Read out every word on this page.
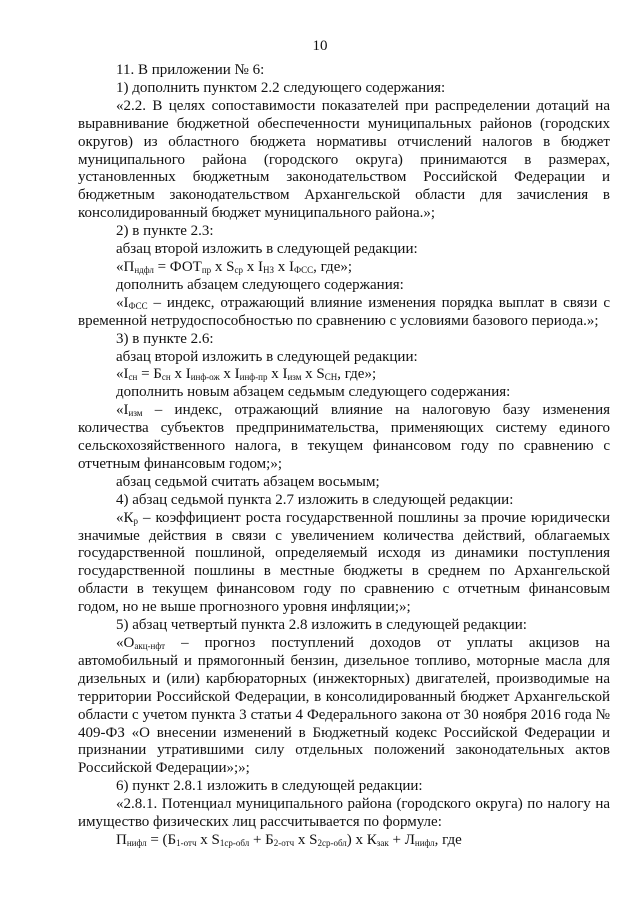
10

11. В приложении № 6:

1) дополнить пунктом 2.2 следующего содержания:

«2.2. В целях сопоставимости показателей при распределении дотаций на выравнивание бюджетной обеспеченности муниципальных районов (городских округов) из областного бюджета нормативы отчислений налогов в бюджет муниципального района (городского округа) принимаются в размерах, установленных бюджетным законодательством Российской Федерации и бюджетным законодательством Архангельской области для зачисления в консолидированный бюджет муниципального района.»;

2) в пункте 2.3:

абзац второй изложить в следующей редакции:

«$П_{ндфл} = ФОТ_{пр}$ х $S_{ср}$ х $I_{НЗ}$ х $I_{ФСС}$, где»;

дополнить абзацем следующего содержания:

«$I_{ФСС}$ – индекс, отражающий влияние изменения порядка выплат в связи с временной нетрудоспособностью по сравнению с условиями базового периода.»;

3) в пункте 2.6:

абзац второй изложить в следующей редакции:

«$I_{сн} = Б_{сн}$ х $I_{инф-ож}$ х $I_{инф-пр}$ х $I_{изм}$ х $S_{СН}$, где»;

дополнить новым абзацем седьмым следующего содержания:

«$I_{изм}$ – индекс, отражающий влияние на налоговую базу изменения количества субъектов предпринимательства, применяющих систему единого сельскохозяйственного налога, в текущем финансовом году по сравнению с отчетным финансовым годом;»;

абзац седьмой считать абзацем восьмым;

4) абзац седьмой пункта 2.7 изложить в следующей редакции:

«$К_р$ – коэффициент роста государственной пошлины за прочие юридически значимые действия в связи с увеличением количества действий, облагаемых государственной пошлиной, определяемый исходя из динамики поступления государственной пошлины в местные бюджеты в среднем по Архангельской области в текущем финансовом году по сравнению с отчетным финансовым годом, но не выше прогнозного уровня инфляции;»;

5) абзац четвертый пункта 2.8 изложить в следующей редакции:

«$О_{акц-нфт}$ – прогноз поступлений доходов от уплаты акцизов на автомобильный и прямогонный бензин, дизельное топливо, моторные масла для дизельных и (или) карбюраторных (инжекторных) двигателей, производимые на территории Российской Федерации, в консолидированный бюджет Архангельской области с учетом пункта 3 статьи 4 Федерального закона от 30 ноября 2016 года № 409-ФЗ «О внесении изменений в Бюджетный кодекс Российской Федерации и признании утратившими силу отдельных положений законодательных актов Российской Федерации»;»;

6) пункт 2.8.1 изложить в следующей редакции:

«2.8.1. Потенциал муниципального района (городского округа) по налогу на имущество физических лиц рассчитывается по формуле:

$П_{нифл} = (Б_{1-отч}$ х $S_{1ср-обл} + Б_{2-отч}$ х $S_{2ср-обл}$) х $К_{зак} + Л_{нифл}$, где
